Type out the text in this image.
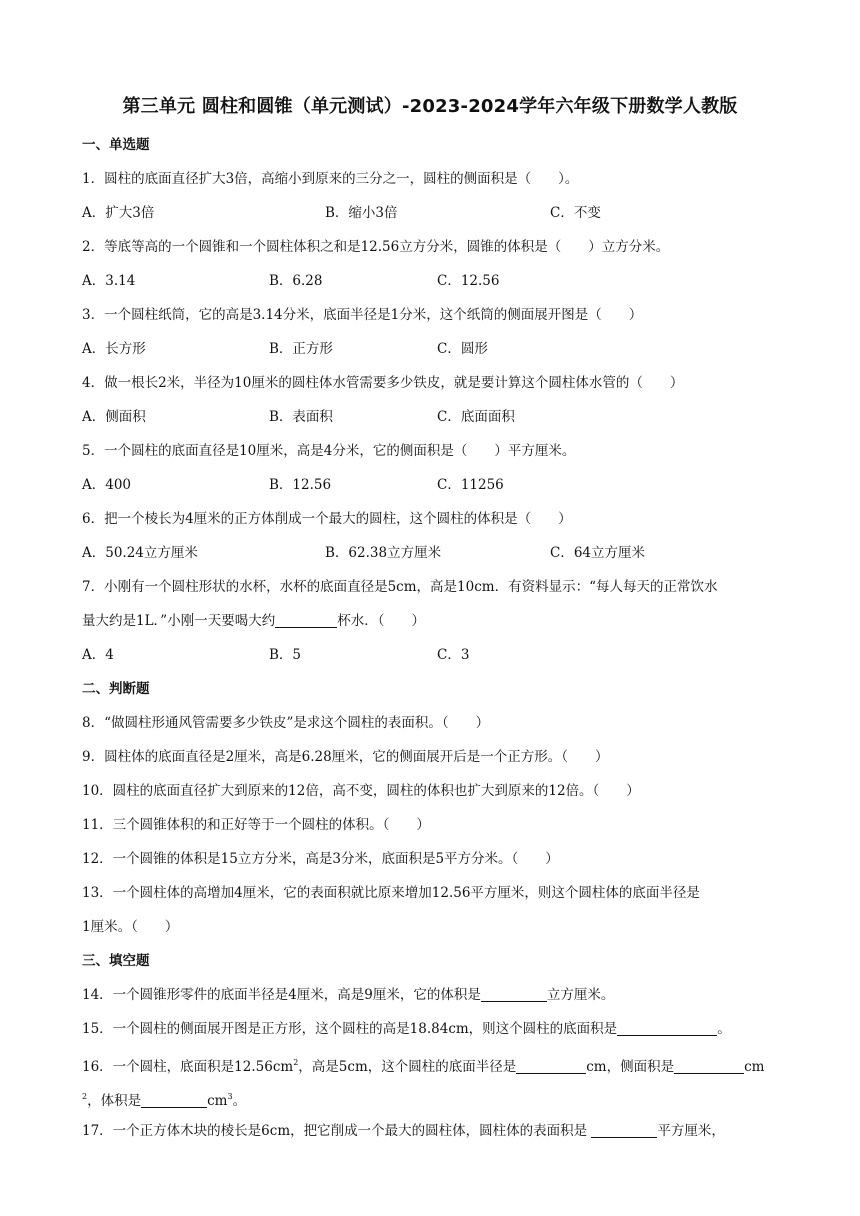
第三单元 圆柱和圆锥（单元测试）-2023-2024学年六年级下册数学人教版
一、单选题
1．圆柱的底面直径扩大3倍，高缩小到原来的三分之一，圆柱的侧面积是（　　）。
A．扩大3倍	B．缩小3倍	C．不变
2．等底等高的一个圆锥和一个圆柱体积之和是12.56立方分米，圆锥的体积是（　　）立方分米。
A．3.14	B．6.28	C．12.56
3．一个圆柱纸筒，它的高是3.14分米，底面半径是1分米，这个纸筒的侧面展开图是（　　）
A．长方形	B．正方形	C．圆形
4．做一根长2米，半径为10厘米的圆柱体水管需要多少铁皮，就是要计算这个圆柱体水管的（　　）
A．侧面积	B．表面积	C．底面面积
5．一个圆柱的底面直径是10厘米，高是4分米，它的侧面积是（　　）平方厘米。
A．400	B．12.56	C．11256
6．把一个棱长为4厘米的正方体削成一个最大的圆柱，这个圆柱的体积是（　　）
A．50.24立方厘米	B．62.38立方厘米	C．64立方厘米
7．小刚有一个圆柱形状的水杯，水杯的底面直径是5cm，高是10cm．有资料显示：“每人每天的正常饮水
量大约是1L．”小刚一天要喝大约	杯水．（　　）
A．4	B．5	C．3
二、判断题
8．“做圆柱形通风管需要多少铁皮”是求这个圆柱的表面积。（　　）
9．圆柱体的底面直径是2厘米，高是6.28厘米，它的侧面展开后是一个正方形。（　　）
10．圆柱的底面直径扩大到原来的12倍，高不变，圆柱的体积也扩大到原来的12倍。（　　）
11．三个圆锥体积的和正好等于一个圆柱的体积。（　　）
12．一个圆锥的体积是15立方分米，高是3分米，底面积是5平方分米。（　　）
13．一个圆柱体的高增加4厘米，它的表面积就比原来增加12.56平方厘米，则这个圆柱体的底面半径是
1厘米。（　　）
三、填空题
14．一个圆锥形零件的底面半径是4厘米，高是9厘米，它的体积是	立方厘米。
15．一个圆柱的侧面展开图是正方形，这个圆柱的高是18.84cm，则这个圆柱的底面积是	。
16．一个圆柱，底面积是$12.56cm^2$，高是5cm，这个圆柱的底面半径是	cm，侧面积是	cm
$^2$，体积是	$cm^3$。
17．一个正方体木块的棱长是6cm，把它削成一个最大的圆柱体，圆柱体的表面积是	平方厘米，
